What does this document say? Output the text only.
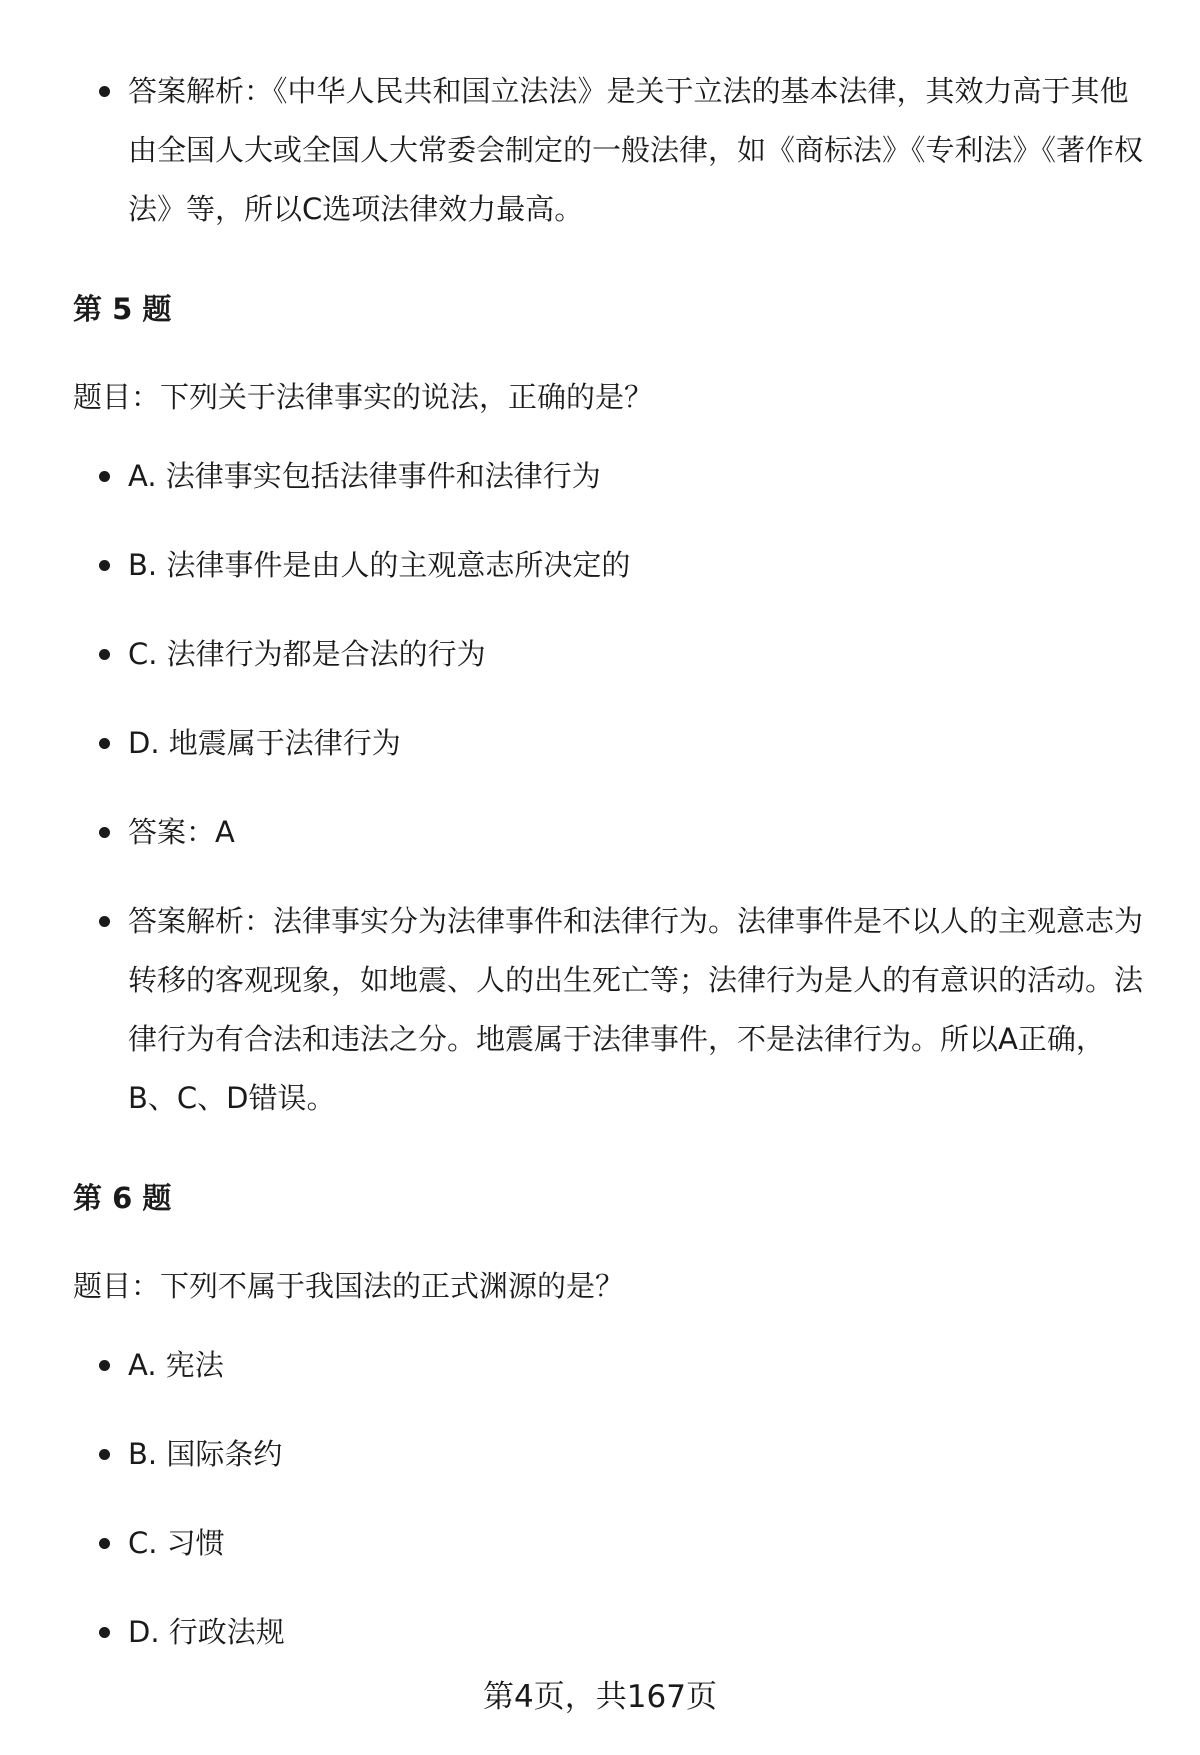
答案解析：《中华人民共和国立法法》是关于立法的基本法律，其效力高于其他由全国人大或全国人大常委会制定的一般法律，如《商标法》《专利法》《著作权法》等，所以C选项法律效力最高。
第 5 题
题目：下列关于法律事实的说法，正确的是？
A. 法律事实包括法律事件和法律行为
B. 法律事件是由人的主观意志所决定的
C. 法律行为都是合法的行为
D. 地震属于法律行为
答案：A
答案解析：法律事实分为法律事件和法律行为。法律事件是不以人的主观意志为转移的客观现象，如地震、人的出生死亡等；法律行为是人的有意识的活动。法律行为有合法和违法之分。地震属于法律事件，不是法律行为。所以A正确，B、C、D错误。
第 6 题
题目：下列不属于我国法的正式渊源的是？
A. 宪法
B. 国际条约
C. 习惯
D. 行政法规
第4页，共167页
